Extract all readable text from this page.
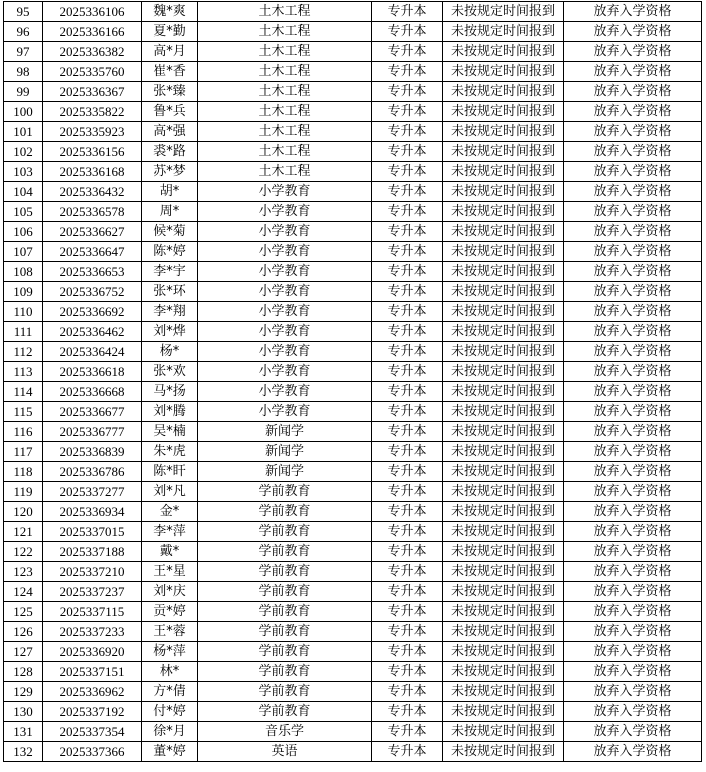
95	2025336106	魏*爽	土木工程	专升本	未按规定时间报到	放弃入学资格
96	2025336166	夏*勤	土木工程	专升本	未按规定时间报到	放弃入学资格
97	2025336382	高*月	土木工程	专升本	未按规定时间报到	放弃入学资格
98	2025335760	崔*香	土木工程	专升本	未按规定时间报到	放弃入学资格
99	2025336367	张*臻	土木工程	专升本	未按规定时间报到	放弃入学资格
100	2025335822	鲁*兵	土木工程	专升本	未按规定时间报到	放弃入学资格
101	2025335923	高*强	土木工程	专升本	未按规定时间报到	放弃入学资格
102	2025336156	裘*路	土木工程	专升本	未按规定时间报到	放弃入学资格
103	2025336168	苏*梦	土木工程	专升本	未按规定时间报到	放弃入学资格
104	2025336432	胡*	小学教育	专升本	未按规定时间报到	放弃入学资格
105	2025336578	周*	小学教育	专升本	未按规定时间报到	放弃入学资格
106	2025336627	候*菊	小学教育	专升本	未按规定时间报到	放弃入学资格
107	2025336647	陈*婷	小学教育	专升本	未按规定时间报到	放弃入学资格
108	2025336653	李*宇	小学教育	专升本	未按规定时间报到	放弃入学资格
109	2025336752	张*环	小学教育	专升本	未按规定时间报到	放弃入学资格
110	2025336692	李*翔	小学教育	专升本	未按规定时间报到	放弃入学资格
111	2025336462	刘*烨	小学教育	专升本	未按规定时间报到	放弃入学资格
112	2025336424	杨*	小学教育	专升本	未按规定时间报到	放弃入学资格
113	2025336618	张*欢	小学教育	专升本	未按规定时间报到	放弃入学资格
114	2025336668	马*扬	小学教育	专升本	未按规定时间报到	放弃入学资格
115	2025336677	刘*腾	小学教育	专升本	未按规定时间报到	放弃入学资格
116	2025336777	吴*楠	新闻学	专升本	未按规定时间报到	放弃入学资格
117	2025336839	朱*虎	新闻学	专升本	未按规定时间报到	放弃入学资格
118	2025336786	陈*盰	新闻学	专升本	未按规定时间报到	放弃入学资格
119	2025337277	刘*凡	学前教育	专升本	未按规定时间报到	放弃入学资格
120	2025336934	金*	学前教育	专升本	未按规定时间报到	放弃入学资格
121	2025337015	李*萍	学前教育	专升本	未按规定时间报到	放弃入学资格
122	2025337188	戴*	学前教育	专升本	未按规定时间报到	放弃入学资格
123	2025337210	王*星	学前教育	专升本	未按规定时间报到	放弃入学资格
124	2025337237	刘*庆	学前教育	专升本	未按规定时间报到	放弃入学资格
125	2025337115	贡*婷	学前教育	专升本	未按规定时间报到	放弃入学资格
126	2025337233	王*蓉	学前教育	专升本	未按规定时间报到	放弃入学资格
127	2025336920	杨*萍	学前教育	专升本	未按规定时间报到	放弃入学资格
128	2025337151	林*	学前教育	专升本	未按规定时间报到	放弃入学资格
129	2025336962	方*倩	学前教育	专升本	未按规定时间报到	放弃入学资格
130	2025337192	付*婷	学前教育	专升本	未按规定时间报到	放弃入学资格
131	2025337354	徐*月	音乐学	专升本	未按规定时间报到	放弃入学资格
132	2025337366	董*婷	英语	专升本	未按规定时间报到	放弃入学资格
